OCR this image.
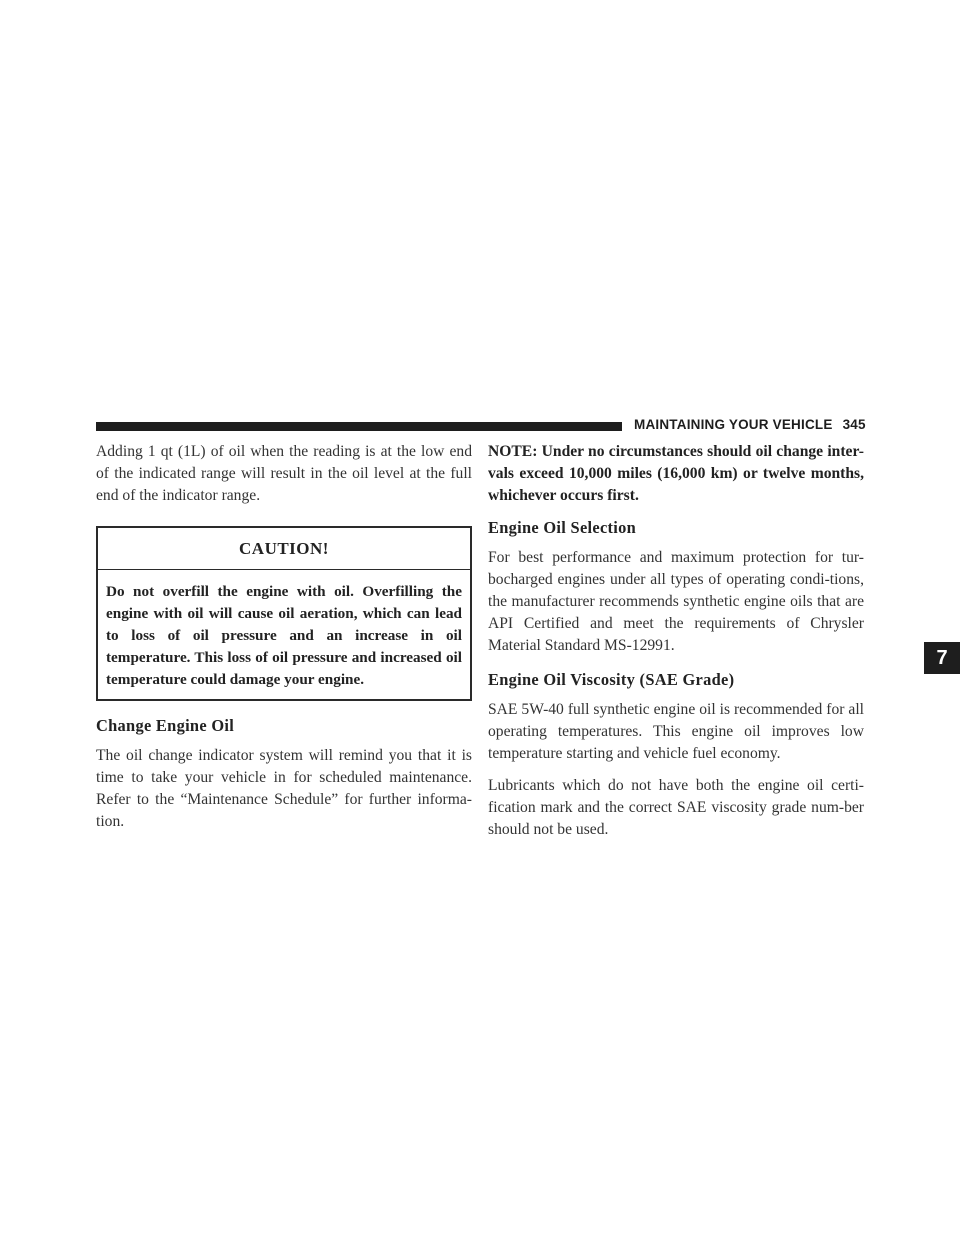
MAINTAINING YOUR VEHICLE 345

Adding 1 qt (1L) of oil when the reading is at the low end of the indicated range will result in the oil level at the full end of the indicator range.

CAUTION!
Do not overfill the engine with oil. Overfilling the engine with oil will cause oil aeration, which can lead to loss of oil pressure and an increase in oil temperature. This loss of oil pressure and increased oil temperature could damage your engine.
Change Engine Oil

The oil change indicator system will remind you that it is time to take your vehicle in for scheduled maintenance. Refer to the “Maintenance Schedule” for further informa-tion.

NOTE: Under no circumstances should oil change inter-vals exceed 10,000 miles (16,000 km) or twelve months, whichever occurs first.

Engine Oil Selection

For best performance and maximum protection for tur-bocharged engines under all types of operating condi-tions, the manufacturer recommends synthetic engine oils that are API Certified and meet the requirements of Chrysler Material Standard MS-12991.

Engine Oil Viscosity (SAE Grade)

SAE 5W-40 full synthetic engine oil is recommended for all operating temperatures. This engine oil improves low temperature starting and vehicle fuel economy.

Lubricants which do not have both the engine oil certi-fication mark and the correct SAE viscosity grade num-ber should not be used.

7
